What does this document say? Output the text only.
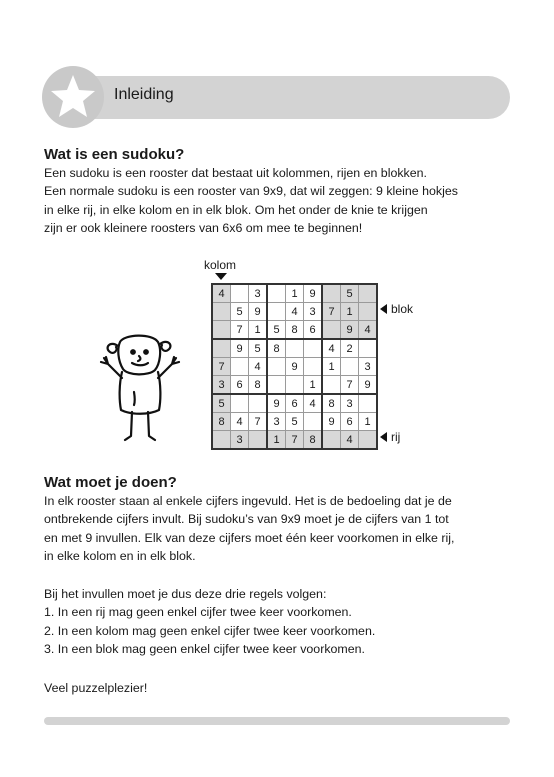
Inleiding
Wat is een sudoku?
Een sudoku is een rooster dat bestaat uit kolommen, rijen en blokken.
Een normale sudoku is een rooster van 9x9, dat wil zeggen: 9 kleine hokjes
in elke rij, in elke kolom en in elk blok. Om het onder de knie te krijgen
zijn er ook kleinere roosters van 6x6 om mee te beginnen!
kolom
4		3		1	9		5	
	5	9		4	3	7	1	
	7	1	5	8	6		9	4
	9	5	8			4	2	
7		4		9		1		3
3	6	8			1		7	9
5			9	6	4	8	3	
8	4	7	3	5		9	6	1
	3		1	7	8		4	
blok
rij
Wat moet je doen?
In elk rooster staan al enkele cijfers ingevuld. Het is de bedoeling dat je de
ontbrekende cijfers invult. Bij sudoku’s van 9x9 moet je de cijfers van 1 tot
en met 9 invullen. Elk van deze cijfers moet één keer voorkomen in elke rij,
in elke kolom en in elk blok.
Bij het invullen moet je dus deze drie regels volgen:
1. In een rij mag geen enkel cijfer twee keer voorkomen.
2. In een kolom mag geen enkel cijfer twee keer voorkomen.
3. In een blok mag geen enkel cijfer twee keer voorkomen.
Veel puzzelplezier!
